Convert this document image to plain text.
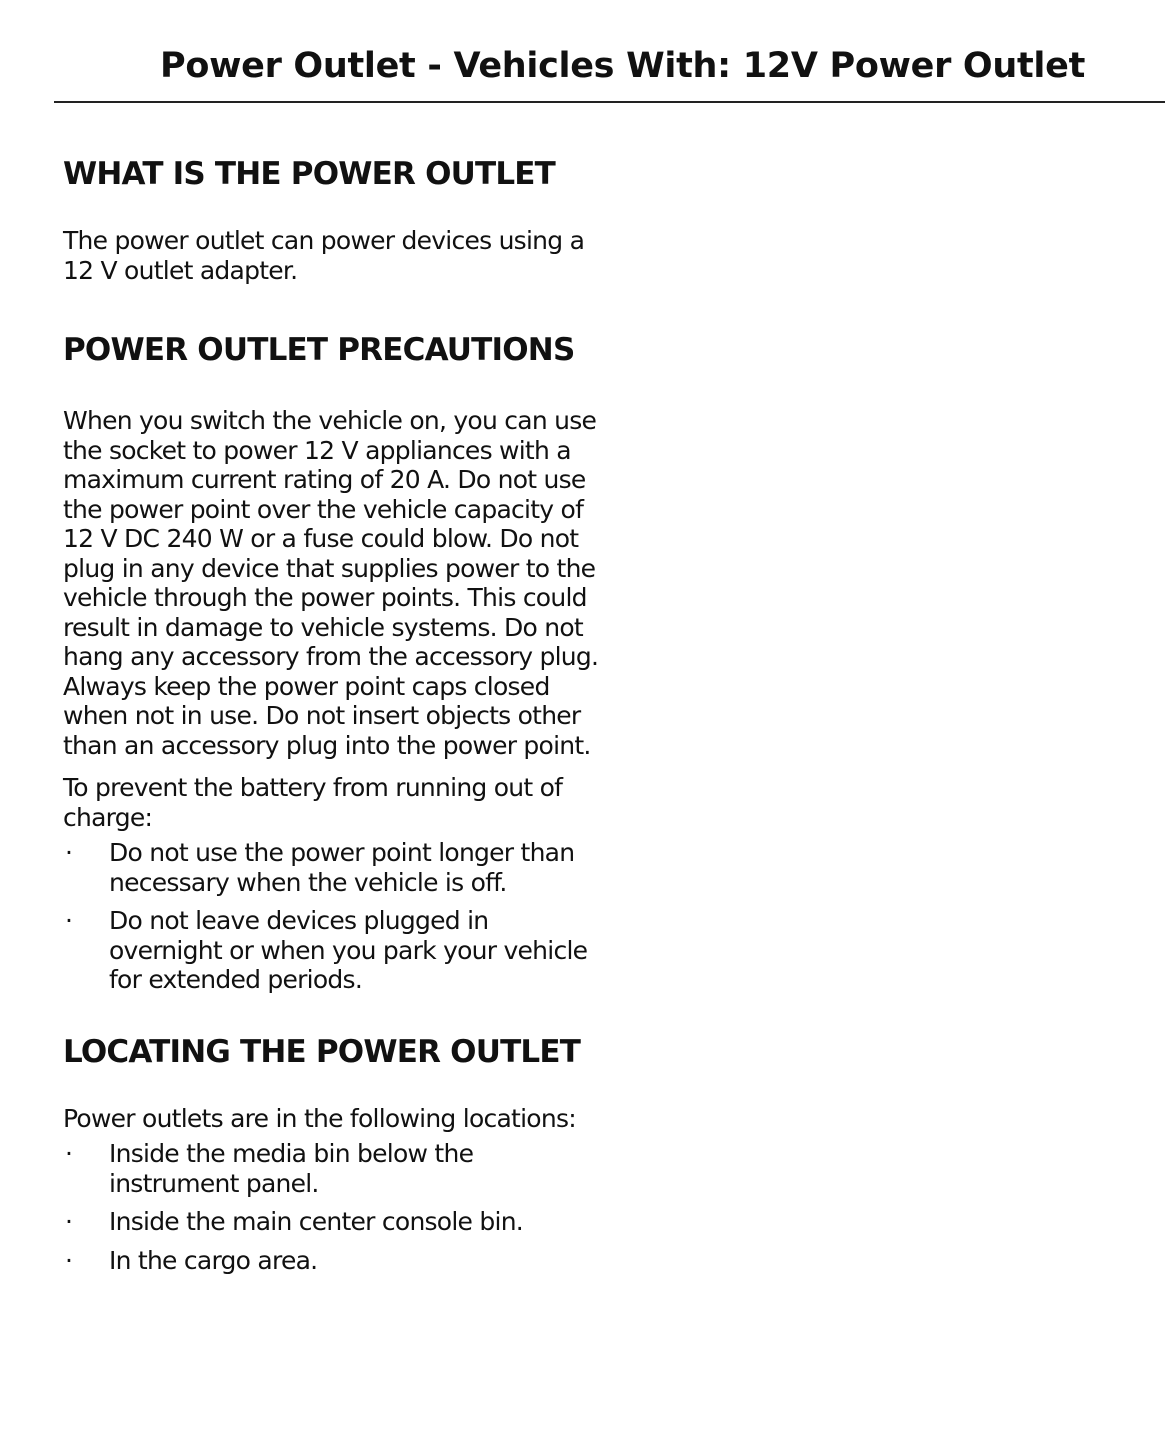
Power Outlet - Vehicles With: 12V Power Outlet
WHAT IS THE POWER OUTLET

The power outlet can power devices using a 12 V outlet adapter.

POWER OUTLET PRECAUTIONS

When you switch the vehicle on, you can use the socket to power 12 V appliances with a maximum current rating of 20 A. Do not use the power point over the vehicle capacity of 12 V DC 240 W or a fuse could blow. Do not plug in any device that supplies power to the vehicle through the power points. This could result in damage to vehicle systems. Do not hang any accessory from the accessory plug. Always keep the power point caps closed when not in use. Do not insert objects other than an accessory plug into the power point.

To prevent the battery from running out of charge:

· Do not use the power point longer than necessary when the vehicle is off.
· Do not leave devices plugged in overnight or when you park your vehicle for extended periods.
LOCATING THE POWER OUTLET

Power outlets are in the following locations:

· Inside the media bin below the instrument panel.
· Inside the main center console bin.
· In the cargo area.
